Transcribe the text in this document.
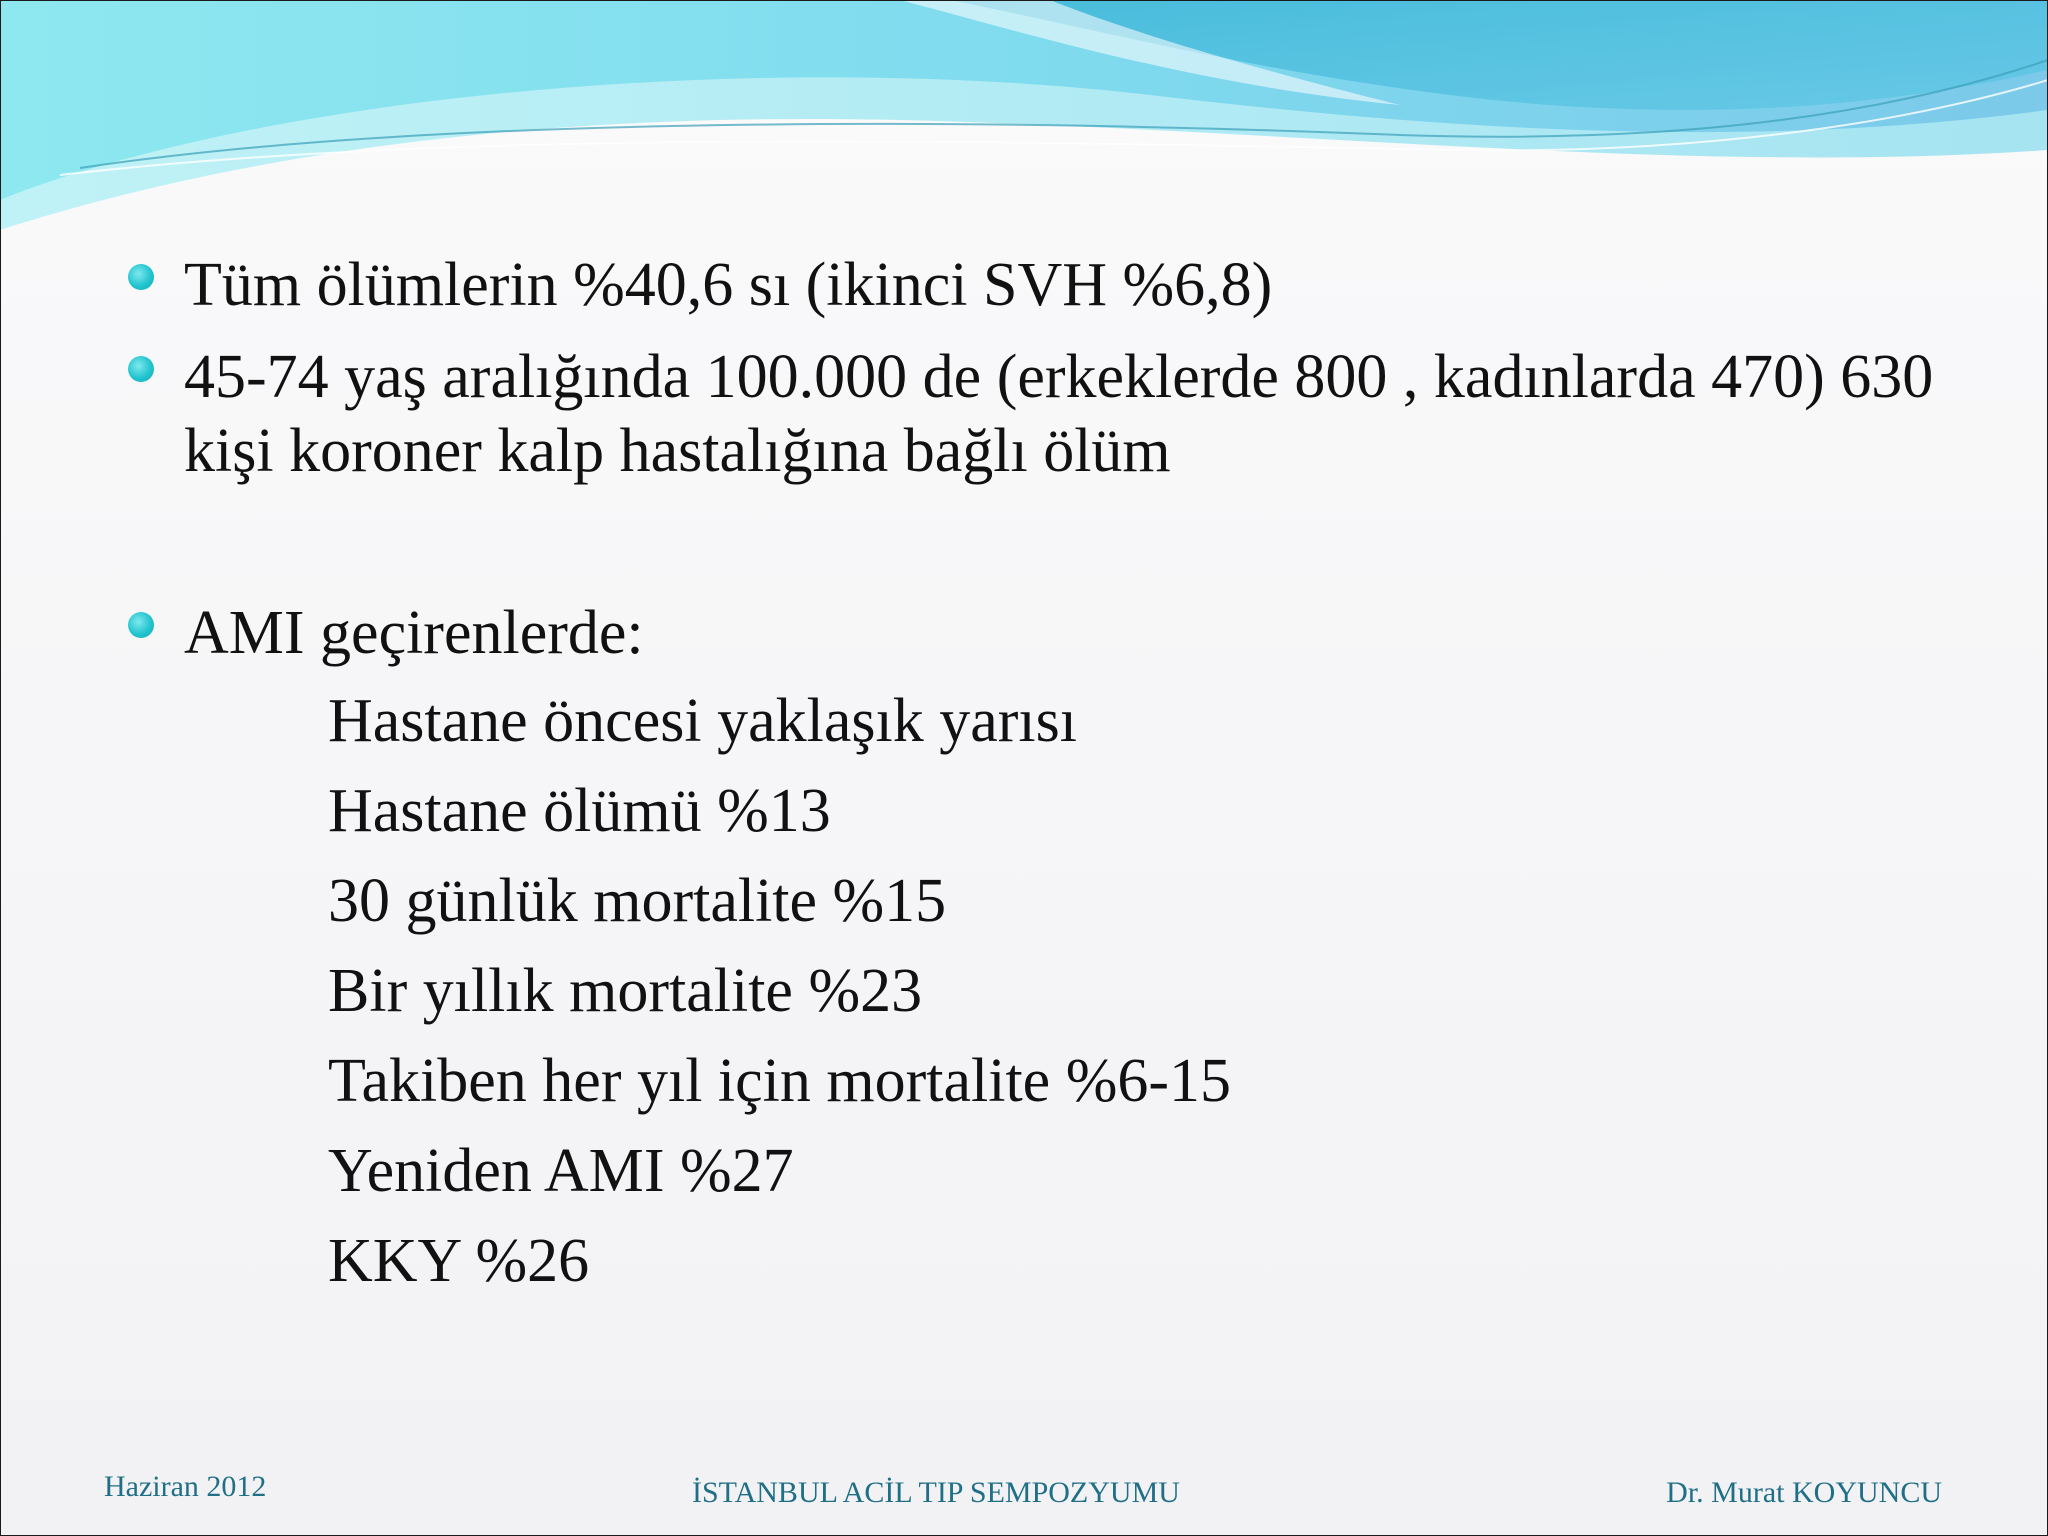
Tüm ölümlerin %40,6 sı (ikinci SVH %6,8)
45-74 yaş aralığında 100.000 de (erkeklerde 800 , kadınlarda 470) 630 kişi koroner kalp hastalığına bağlı ölüm
AMI geçirenlerde:
Hastane öncesi yaklaşık yarısı
Hastane ölümü %13
30 günlük mortalite %15
Bir yıllık mortalite %23
Takiben her yıl için mortalite %6-15
Yeniden AMI %27
KKY %26
Haziran 2012	İSTANBUL ACİL TIP SEMPOZYUMU	Dr. Murat KOYUNCU
